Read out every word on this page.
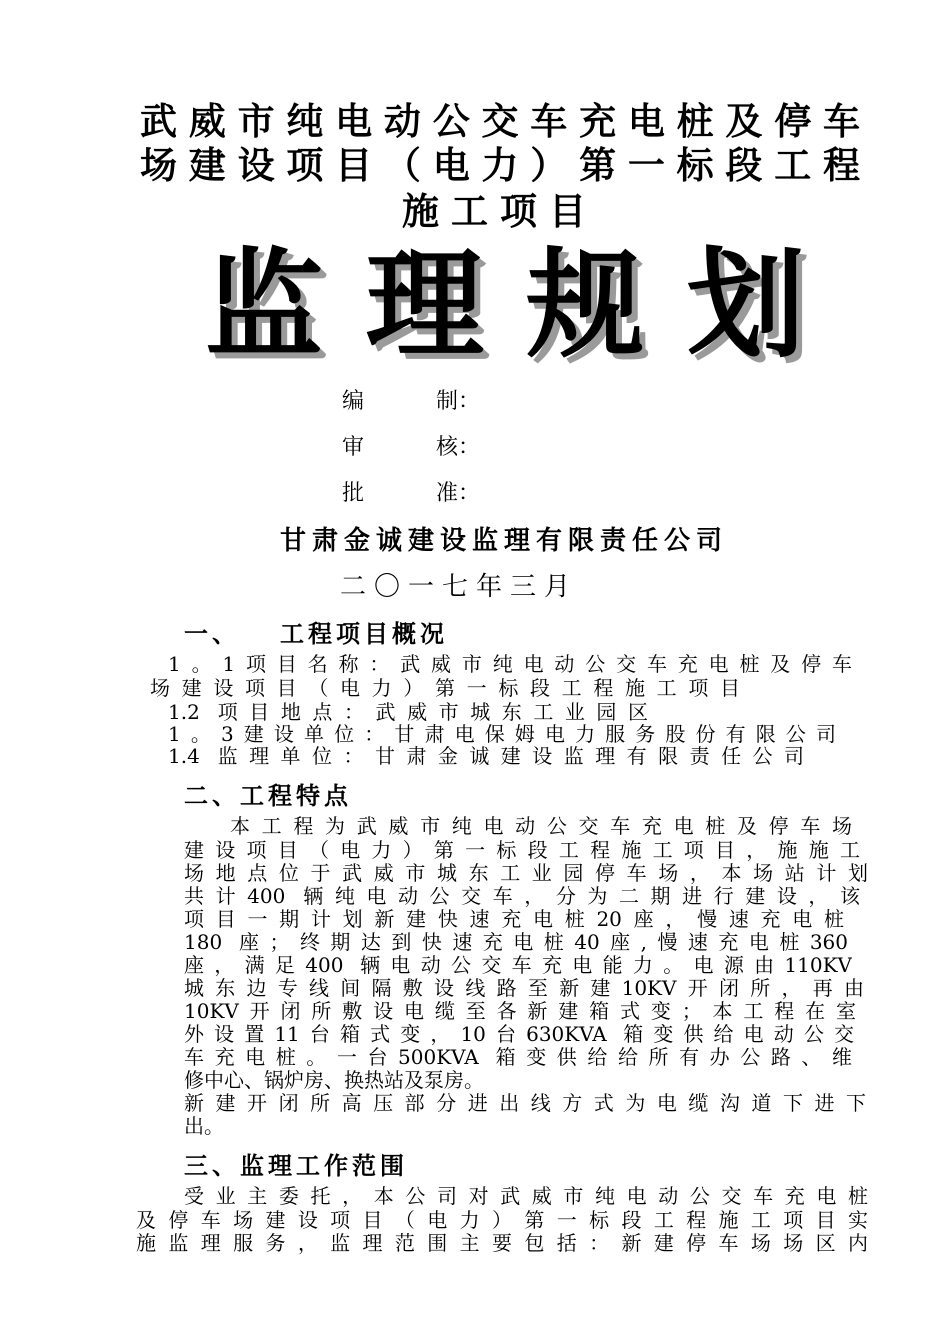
武威市纯电动公交车充电桩及停车
场建设项目（电力）第一标段工程
施工项目
监理规划
编	制：
审	核：
批	准：
甘肃金诚建设监理有限责任公司
二〇一七年三月
一、 工程项目概况
1。1项目名称：武威市纯电动公交车充电桩及停车
场建设项目（电力）第一标段工程施工项目
1.2 项目地点：武威市城东工业园区
1。3建设单位：甘肃电保姆电力服务股份有限公司
1.4 监理单位：甘肃金诚建设监理有限责任公司
二、工程特点
本工程为武威市纯电动公交车充电桩及停车场
建设项目（电力）第一标段工程施工项目，施施工
场地点位于武威市城东工业园停车场，本场站计划
共计400 辆纯电动公交车，分为二期进行建设，该
项目一期计划新建快速充电桩20座，慢速充电桩
180 座；终期达到快速充电桩40座,慢速充电桩360
座，满足400 辆电动公交车充电能力。电源由110KV
城东边专线间隔敷设线路至新建10KV开闭所，再由
10KV开闭所敷设电缆至各新建箱式变；本工程在室
外设置11台箱式变，10台630KVA 箱变供给电动公交
车充电桩。一台500KVA 箱变供给给所有办公路、维
修中心、锅炉房、换热站及泵房。
新建开闭所高压部分进出线方式为电缆沟道下进下
出。
三、监理工作范围
受业主委托，本公司对武威市纯电动公交车充电桩
及停车场建设项目（电力）第一标段工程施工项目实
施监理服务，监理范围主要包括：新建停车场场区内
